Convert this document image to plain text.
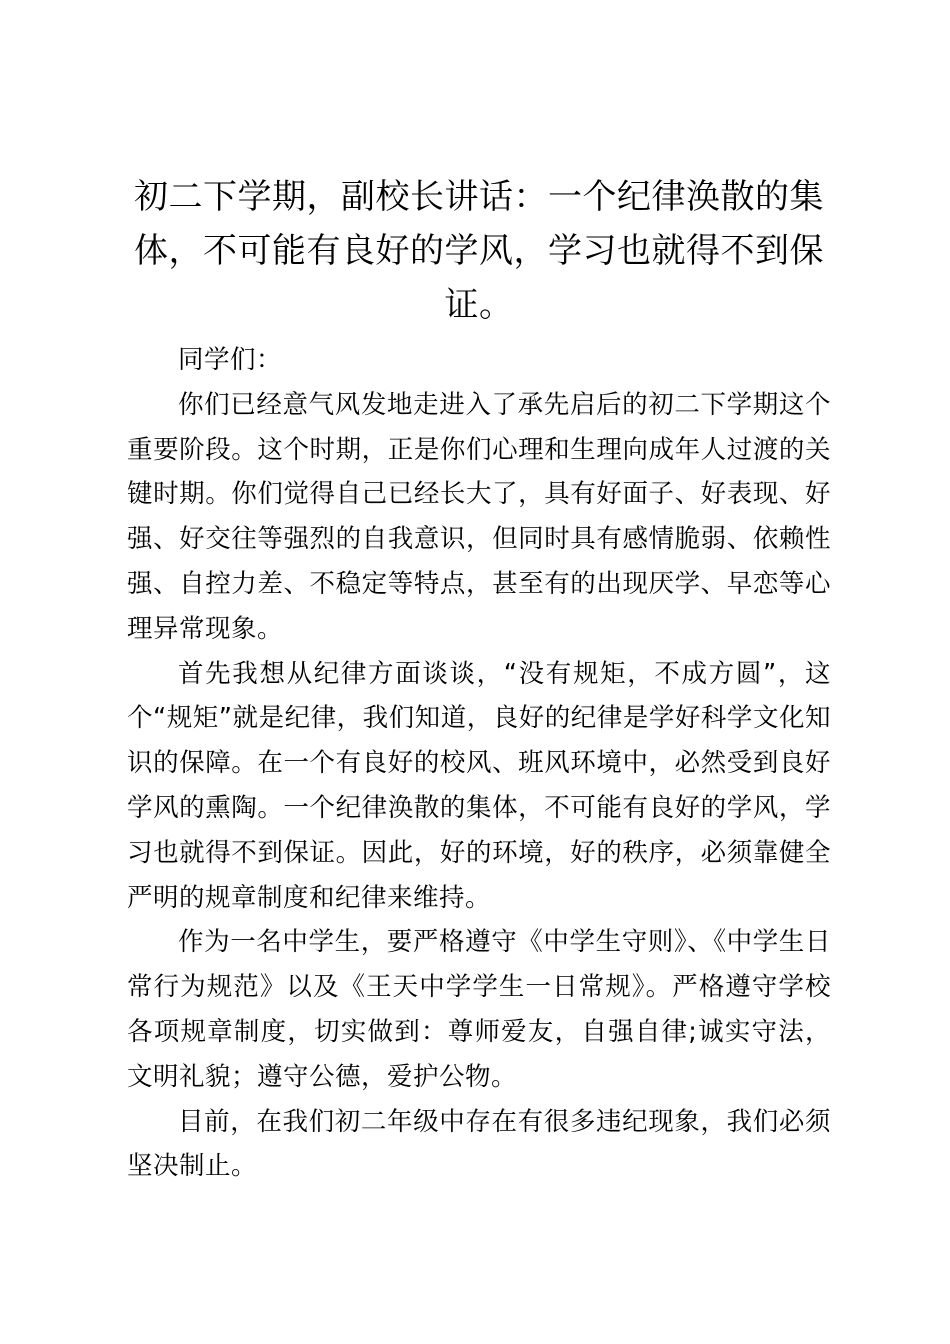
初二下学期，副校长讲话：一个纪律涣散的集体，不可能有良好的学风，学习也就得不到保证。

同学们：

你们已经意气风发地走进入了承先启后的初二下学期这个重要阶段。这个时期，正是你们心理和生理向成年人过渡的关键时期。你们觉得自己已经长大了，具有好面子、好表现、好强、好交往等强烈的自我意识，但同时具有感情脆弱、依赖性强、自控力差、不稳定等特点，甚至有的出现厌学、早恋等心理异常现象。

首先我想从纪律方面谈谈，“没有规矩，不成方圆”，这个“规矩”就是纪律，我们知道，良好的纪律是学好科学文化知识的保障。在一个有良好的校风、班风环境中，必然受到良好学风的熏陶。一个纪律涣散的集体，不可能有良好的学风，学习也就得不到保证。因此，好的环境，好的秩序，必须靠健全严明的规章制度和纪律来维持。

作为一名中学生，要严格遵守《中学生守则》、《中学生日常行为规范》以及《王天中学学生一日常规》。严格遵守学校各项规章制度，切实做到：尊师爱友，自强自律;诚实守法，文明礼貌；遵守公德，爱护公物。

目前，在我们初二年级中存在有很多违纪现象，我们必须坚决制止。
